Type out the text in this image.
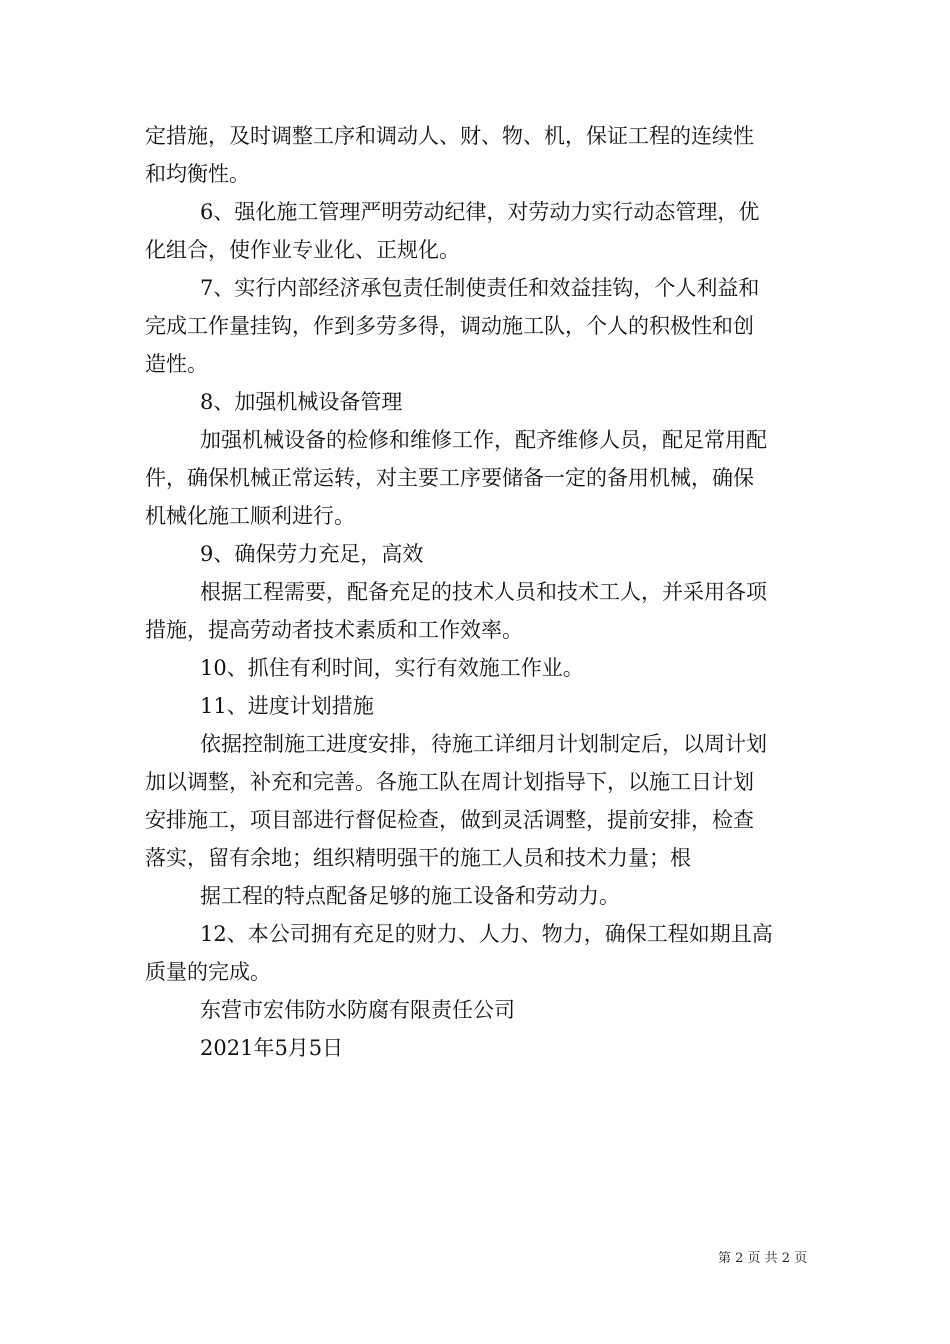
定措施，及时调整工序和调动人、财、物、机，保证工程的连续性
和均衡性。

6、强化施工管理严明劳动纪律，对劳动力实行动态管理，优
化组合，使作业专业化、正规化。

7、实行内部经济承包责任制使责任和效益挂钩，个人利益和
完成工作量挂钩，作到多劳多得，调动施工队，个人的积极性和创
造性。

8、加强机械设备管理

加强机械设备的检修和维修工作，配齐维修人员，配足常用配
件，确保机械正常运转，对主要工序要储备一定的备用机械，确保
机械化施工顺利进行。

9、确保劳力充足，高效

根据工程需要，配备充足的技术人员和技术工人，并采用各项
措施，提高劳动者技术素质和工作效率。

10、抓住有利时间，实行有效施工作业。

11、进度计划措施

依据控制施工进度安排，待施工详细月计划制定后，以周计划
加以调整，补充和完善。各施工队在周计划指导下，以施工日计划
安排施工，项目部进行督促检查，做到灵活调整，提前安排，检查
落实，留有余地；组织精明强干的施工人员和技术力量；根

据工程的特点配备足够的施工设备和劳动力。

12、本公司拥有充足的财力、人力、物力，确保工程如期且高
质量的完成。

东营市宏伟防水防腐有限责任公司

2021年5月5日

第 2 页 共 2 页
